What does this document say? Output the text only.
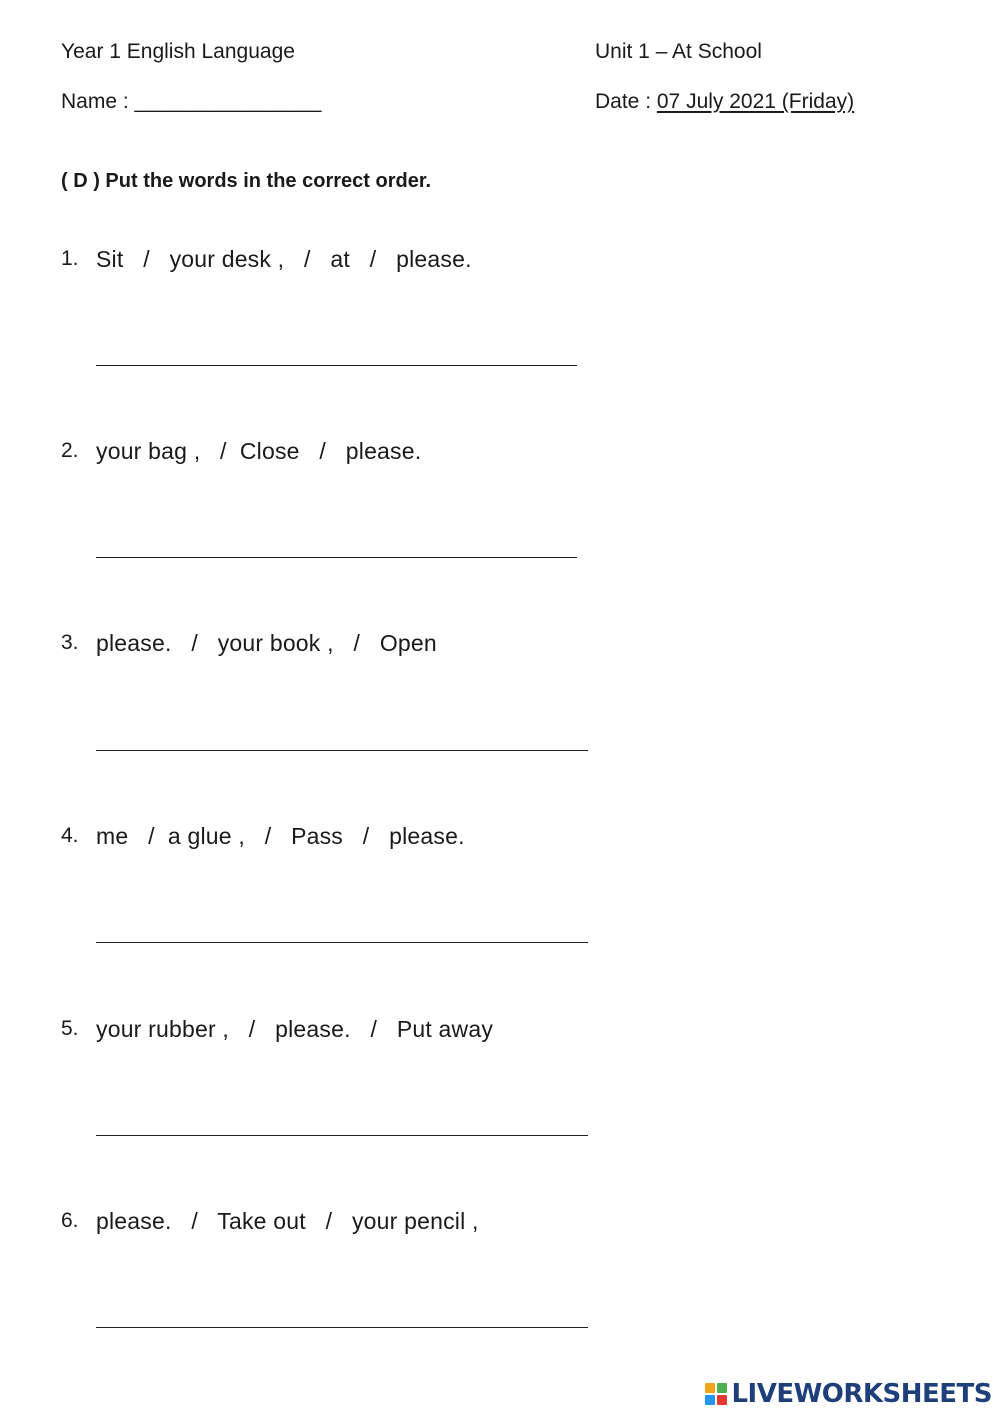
Year 1 English Language	Unit 1 – At School
Name : ________________	Date : 07 July 2021 (Friday)
( D ) Put the words in the correct order.
1. Sit   /   your desk ,   /   at   /   please.
2. your bag ,   /  Close   /   please.
3. please.   /   your book ,   /   Open
4. me   /  a glue ,   /   Pass   /   please.
5. your rubber ,   /   please.   /   Put away
6. please.   /   Take out   /   your pencil ,
LIVEWORKSHEETS
